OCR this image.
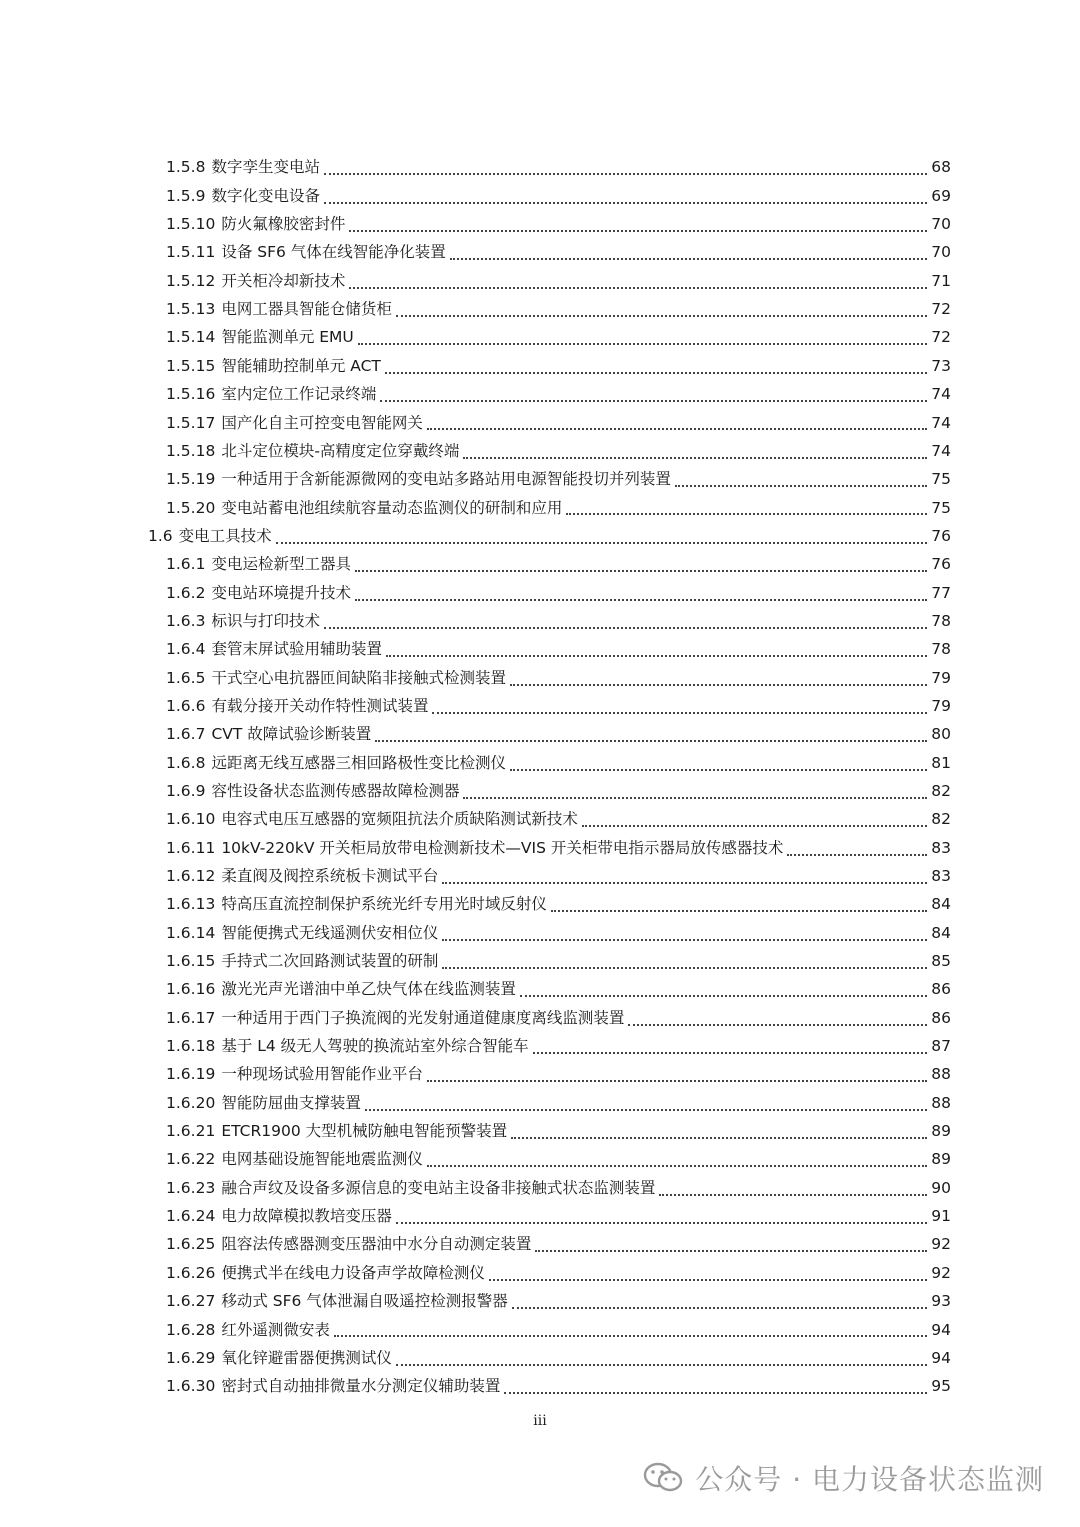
1.5.8 数字孪生变电站	68
1.5.9 数字化变电设备	69
1.5.10 防火氟橡胶密封件	70
1.5.11 设备 SF6 气体在线智能净化装置	70
1.5.12 开关柜冷却新技术	71
1.5.13 电网工器具智能仓储货柜	72
1.5.14 智能监测单元 EMU	72
1.5.15 智能辅助控制单元 ACT	73
1.5.16 室内定位工作记录终端	74
1.5.17 国产化自主可控变电智能网关	74
1.5.18 北斗定位模块-高精度定位穿戴终端	74
1.5.19 一种适用于含新能源微网的变电站多路站用电源智能投切并列装置	75
1.5.20 变电站蓄电池组续航容量动态监测仪的研制和应用	75
1.6 变电工具技术	76
1.6.1 变电运检新型工器具	76
1.6.2 变电站环境提升技术	77
1.6.3 标识与打印技术	78
1.6.4 套管末屏试验用辅助装置	78
1.6.5 干式空心电抗器匝间缺陷非接触式检测装置	79
1.6.6 有载分接开关动作特性测试装置	79
1.6.7 CVT 故障试验诊断装置	80
1.6.8 远距离无线互感器三相回路极性变比检测仪	81
1.6.9 容性设备状态监测传感器故障检测器	82
1.6.10 电容式电压互感器的宽频阻抗法介质缺陷测试新技术	82
1.6.11 10kV-220kV 开关柜局放带电检测新技术—VIS 开关柜带电指示器局放传感器技术	83
1.6.12 柔直阀及阀控系统板卡测试平台	83
1.6.13 特高压直流控制保护系统光纤专用光时域反射仪	84
1.6.14 智能便携式无线遥测伏安相位仪	84
1.6.15 手持式二次回路测试装置的研制	85
1.6.16 激光光声光谱油中单乙炔气体在线监测装置	86
1.6.17 一种适用于西门子换流阀的光发射通道健康度离线监测装置	86
1.6.18 基于 L4 级无人驾驶的换流站室外综合智能车	87
1.6.19 一种现场试验用智能作业平台	88
1.6.20 智能防屈曲支撑装置	88
1.6.21 ETCR1900 大型机械防触电智能预警装置	89
1.6.22 电网基础设施智能地震监测仪	89
1.6.23 融合声纹及设备多源信息的变电站主设备非接触式状态监测装置	90
1.6.24 电力故障模拟教培变压器	91
1.6.25 阻容法传感器测变压器油中水分自动测定装置	92
1.6.26 便携式半在线电力设备声学故障检测仪	92
1.6.27 移动式 SF6 气体泄漏自吸遥控检测报警器	93
1.6.28 红外遥测微安表	94
1.6.29 氧化锌避雷器便携测试仪	94
1.6.30 密封式自动抽排微量水分测定仪辅助装置	95
iii
公众号 · 电力设备状态监测
